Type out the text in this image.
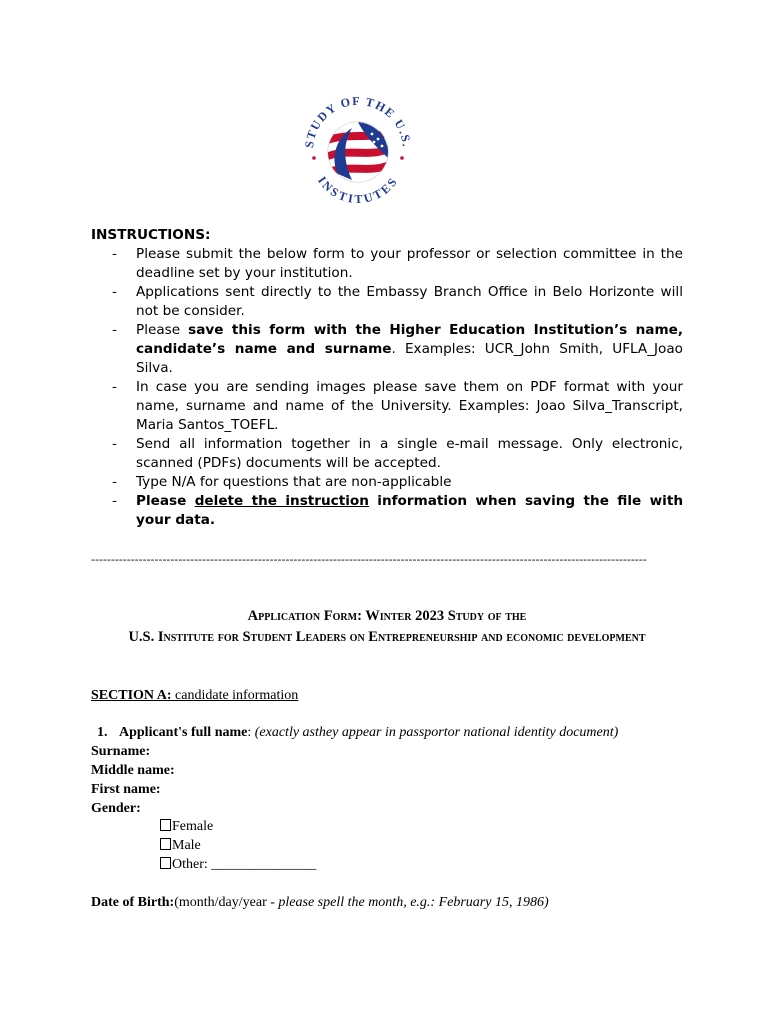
STUDY OF THE U.S.
INSTITUTES
INSTRUCTIONS:
- Please submit the below form to your professor or selection committee in the deadline set by your institution.
- Applications sent directly to the Embassy Branch Office in Belo Horizonte will not be consider.
- Please save this form with the Higher Education Institution’s name, candidate’s name and surname. Examples: UCR_John Smith, UFLA_Joao Silva.
- In case you are sending images please save them on PDF format with your name, surname and name of the University. Examples: Joao Silva_Transcript, Maria Santos_TOEFL.
- Send all information together in a single e-mail message. Only electronic, scanned (PDFs) documents will be accepted.
- Type N/A for questions that are non-applicable
- Please delete the instruction information when saving the file with your data.
--------------------------------------------------------------------------------------------------------------------------------------------
Application Form: Winter 2023 Study of the
U.S. Institute for Student Leaders on Entrepreneurship and economic development
SECTION A: candidate information
1. Applicant's full name: (exactly asthey appear in passportor national identity document)
Surname:
Middle name:
First name:
Gender:
Female
Male
Other: _______________
Date of Birth:(month/day/year - please spell the month, e.g.: February 15, 1986)
